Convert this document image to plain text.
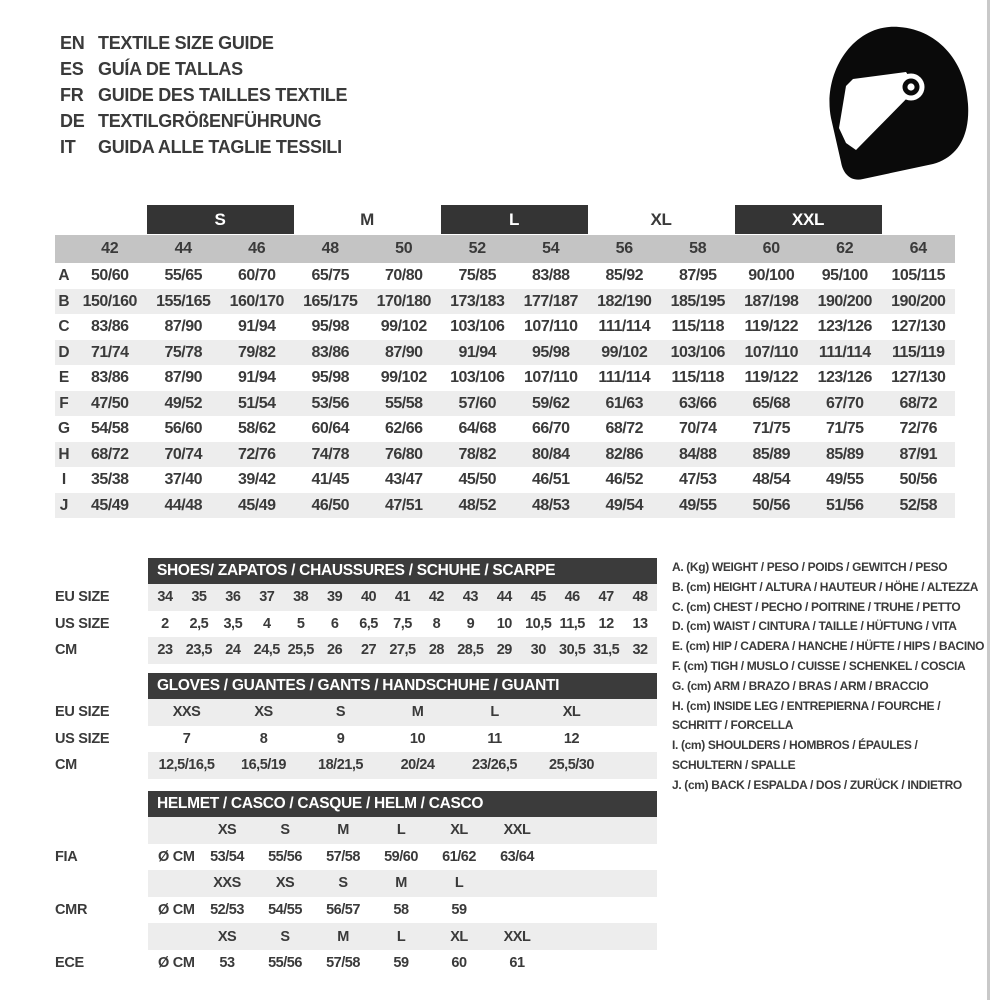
EN TEXTILE SIZE GUIDE
ES GUÍA DE TALLAS
FR GUIDE DES TAILLES TEXTILE
DE TEXTILGRÖßENFÜHRUNG
IT	GUIDA ALLE TAGLIE TESSILI
S	M	L	XL	XXL
42	44	46	48	50	52	54	56	58	60	62	64
A	50/60	55/65	60/70	65/75	70/80	75/85	83/88	85/92	87/95	90/100	95/100	105/115
B 150/160	155/165	160/170	165/175	170/180	173/183	177/187	182/190	185/195	187/198	190/200	190/200
C	83/86	87/90	91/94	95/98	99/102	103/106	107/110	111/114	115/118	119/122	123/126	127/130
D	71/74	75/78	79/82	83/86	87/90	91/94	95/98	99/102	103/106	107/110	111/114	115/119
E	83/86	87/90	91/94	95/98	99/102	103/106	107/110	111/114	115/118	119/122	123/126	127/130
F	47/50	49/52	51/54	53/56	55/58	57/60	59/62	61/63	63/66	65/68	67/70	68/72
G	54/58	56/60	58/62	60/64	62/66	64/68	66/70	68/72	70/74	71/75	71/75	72/76
H	68/72	70/74	72/76	74/78	76/80	78/82	80/84	82/86	84/88	85/89	85/89	87/91
I	35/38	37/40	39/42	41/45	43/47	45/50	46/51	46/52	47/53	48/54	49/55	50/56
J	45/49	44/48	45/49	46/50	47/51	48/52	48/53	49/54	49/55	50/56	51/56	52/58
SHOES/ ZAPATOS / CHAUSSURES / SCHUHE / SCARPE
EU SIZE	34	35	36	37	38	39	40	41	42	43	44	45	46	47	48
US SIZE	2	2,5	3,5	4	5	6	6,5	7,5	8	9	10 10,5 11,5 12	13
CM	23 23,5 24 24,5 25,5 26	27 27,5 28 28,5 29	30 30,5 31,5 32
GLOVES / GUANTES / GANTS / HANDSCHUHE / GUANTI
EU SIZE	XXS	XS	S	M	L	XL
US SIZE	7	8	9	10	11	12
CM	12,5/16,5	16,5/19	18/21,5	20/24	23/26,5	25,5/30
HELMET / CASCO / CASQUE / HELM / CASCO
XS	S	M	L	XL	XXL
FIA	Ø CM	53/54	55/56	57/58	59/60	61/62	63/64
XXS	XS	S	M	L
CMR	Ø CM	52/53	54/55	56/57	58	59
XS	S	M	L	XL	XXL
ECE	Ø CM	53	55/56	57/58	59	60	61
A. (Kg) WEIGHT / PESO / POIDS / GEWITCH / PESO
B. (cm) HEIGHT / ALTURA / HAUTEUR / HÖHE / ALTEZZA
C. (cm) CHEST / PECHO / POITRINE / TRUHE / PETTO
D. (cm) WAIST / CINTURA / TAILLE / HÜFTUNG / VITA
E. (cm) HIP / CADERA / HANCHE / HÜFTE / HIPS / BACINO
F. (cm) TIGH / MUSLO / CUISSE / SCHENKEL / COSCIA
G. (cm) ARM / BRAZO / BRAS / ARM / BRACCIO
H. (cm) INSIDE LEG / ENTREPIERNA / FOURCHE / SCHRITT / FORCELLA
I. (cm) SHOULDERS / HOMBROS / ÉPAULES / SCHULTERN / SPALLE
J. (cm) BACK / ESPALDA / DOS / ZURÜCK / INDIETRO
